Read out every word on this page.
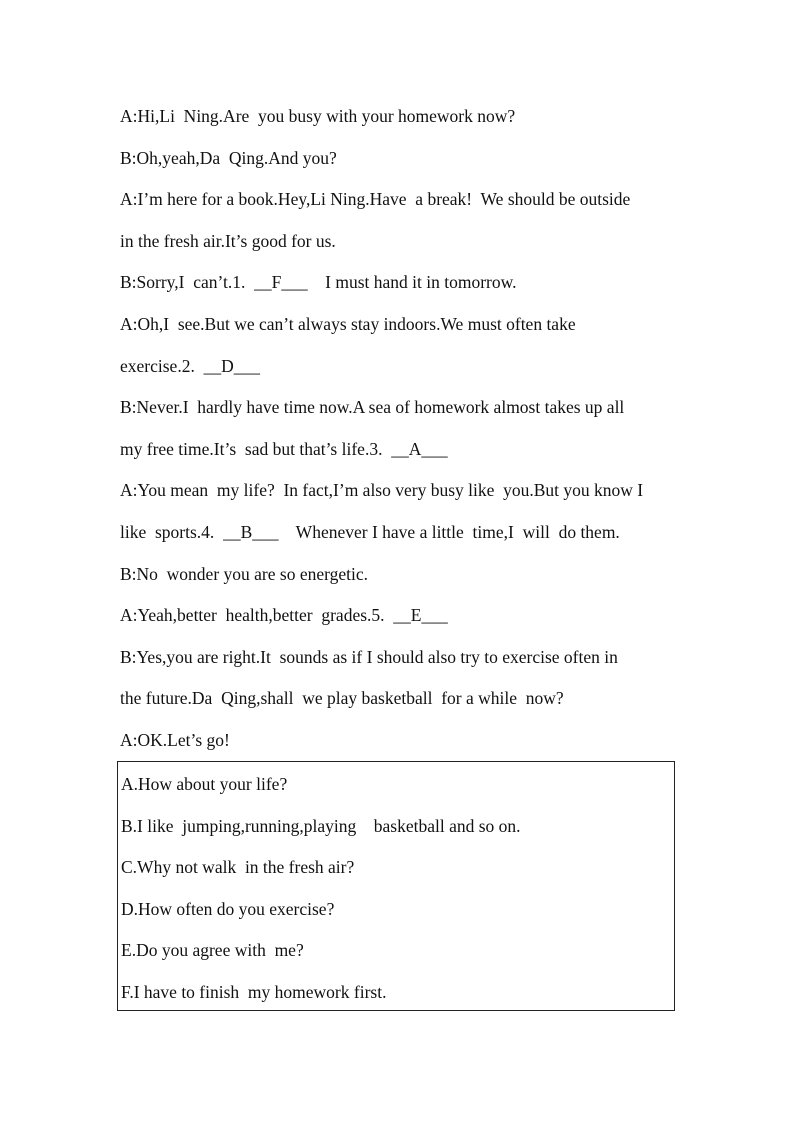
A:Hi,Li  Ning.Are  you busy with your homework now?
B:Oh,yeah,Da  Qing.And you?
A:I’m here for a book.Hey,Li Ning.Have  a break!  We should be outside
in the fresh air.It’s good for us.
B:Sorry,I  can’t.1.  __F___    I must hand it in tomorrow.
A:Oh,I  see.But we can’t always stay indoors.We must often take
exercise.2.  __D___
B:Never.I  hardly have time now.A sea of homework almost takes up all
my free time.It’s  sad but that’s life.3.  __A___
A:You mean  my life?  In fact,I’m also very busy like  you.But you know I
like  sports.4.  __B___    Whenever I have a little  time,I  will  do them.
B:No  wonder you are so energetic.
A:Yeah,better  health,better  grades.5.  __E___
B:Yes,you are right.It  sounds as if I should also try to exercise often in
the future.Da  Qing,shall  we play basketball  for a while  now?
A:OK.Let’s go!
A.How about your life?
B.I like  jumping,running,playing    basketball and so on.
C.Why not walk  in the fresh air?
D.How often do you exercise?
E.Do you agree with  me?
F.I have to finish  my homework first.
